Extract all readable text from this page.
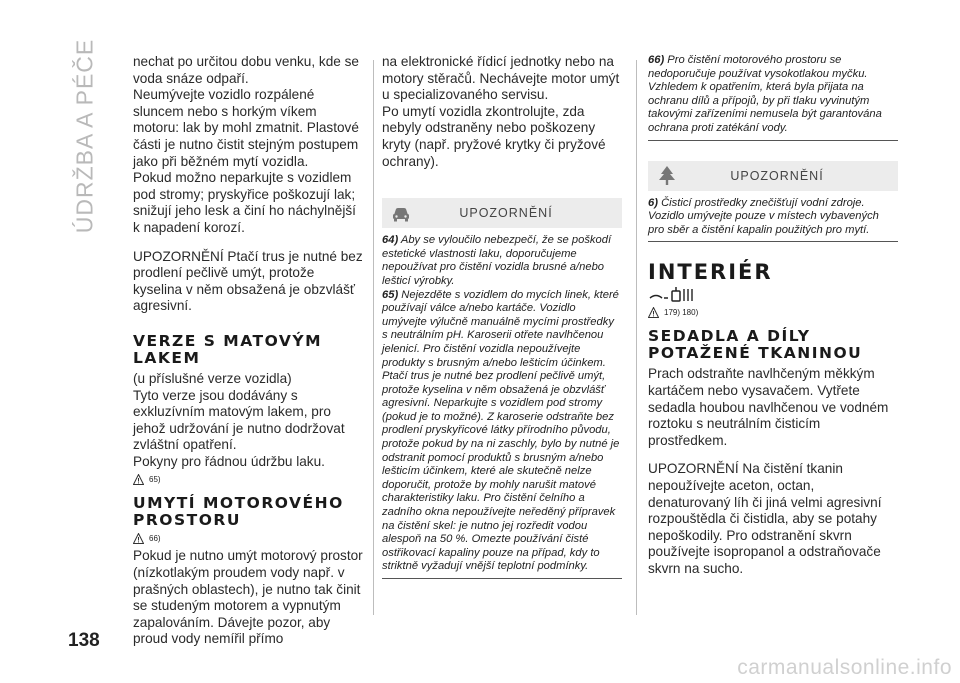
ÚDRŽBA A PÉČE	nechat po určitou dobu venku, kde se voda snáze odpaří.

Neumývejte vozidlo rozpálené sluncem nebo s horkým víkem motoru: lak by mohl zmatnit. Plastové části je nutno čistit stejným postupem jako při běžném mytí vozidla.

Pokud možno neparkujte s vozidlem pod stromy; pryskyřice poškozují lak; snižují jeho lesk a činí ho náchylnější k napadení korozí.

UPOZORNĚNÍ Ptačí trus je nutné bez prodlení pečlivě umýt, protože kyselina v něm obsažená je obzvlášť agresivní.

VERZE S MATOVÝM LAKEM

(u příslušné verze vozidla)

Tyto verze jsou dodávány s exkluzívním matovým lakem, pro jehož udržování je nutno dodržovat zvláštní opatření.

Pokyny pro řádnou údržbu laku.

65)
UMYTÍ MOTOROVÉHO PROSTORU
66)

Pokud je nutno umýt motorový prostor (nízkotlakým proudem vody např. v prašných oblastech), je nutno tak činit se studeným motorem a vypnutým zapalováním. Dávejte pozor, aby proud vody nemířil přímo

na elektronické řídicí jednotky nebo na motory stěračů. Nechávejte motor umýt u specializovaného servisu.

Po umytí vozidla zkontrolujte, zda nebyly odstraněny nebo poškozeny kryty (např. pryžové krytky či pryžové ochrany).

UPOZORNĚNÍ

64) Aby se vyloučilo nebezpečí, že se poškodí estetické vlastnosti laku, doporučujeme nepoužívat pro čistění vozidla brusné a/nebo lešticí výrobky.

65) Nejezděte s vozidlem do mycích linek, které používají válce a/nebo kartáče. Vozidlo umývejte výlučně manuálně mycími prostředky s neutrálním pH. Karoserii otřete navlhčenou jelenicí. Pro čistění vozidla nepoužívejte produkty s brusným a/nebo lešticím účinkem. Ptačí trus je nutné bez prodlení pečlivě umýt, protože kyselina v něm obsažená je obzvlášť agresivní. Neparkujte s vozidlem pod stromy (pokud je to možné). Z karoserie odstraňte bez prodlení pryskyřicové látky přírodního původu, protože pokud by na ni zaschly, bylo by nutné je odstranit pomocí produktů s brusným a/nebo lešticím účinkem, které ale skutečně nelze doporučit, protože by mohly narušit matové charakteristiky laku. Pro čistění čelního a zadního okna nepoužívejte neředěný přípravek na čistění skel: je nutno jej rozředit vodou alespoň na 50 %. Omezte používání čisté ostřikovací kapaliny pouze na případ, kdy to striktně vyžadují vnější teplotní podmínky.

66) Pro čistění motorového prostoru se nedoporučuje používat vysokotlakou myčku. Vzhledem k opatřením, která byla přijata na ochranu dílů a přípojů, by při tlaku vyvinutým takovými zařízeními nemusela být garantována ochrana proti zatékání vody.

UPOZORNĚNÍ

6) Čisticí prostředky znečišťují vodní zdroje. Vozidlo umývejte pouze v místech vybavených pro sběr a čistění kapalin použitých pro mytí.

INTERIÉR
179) 180)
SEDADLA A DÍLY POTAŽENÉ TKANINOU

Prach odstraňte navlhčeným měkkým kartáčem nebo vysavačem. Vytřete sedadla houbou navlhčenou ve vodném roztoku s neutrálním čisticím prostředkem.

UPOZORNĚNÍ Na čistění tkanin nepoužívejte aceton, octan, denaturovaný líh či jiná velmi agresivní rozpouštědla či čistidla, aby se potahy nepoškodily. Pro odstranění skvrn používejte isopropanol a odstraňovače skvrn na sucho.

138
carmanualsonline.info
